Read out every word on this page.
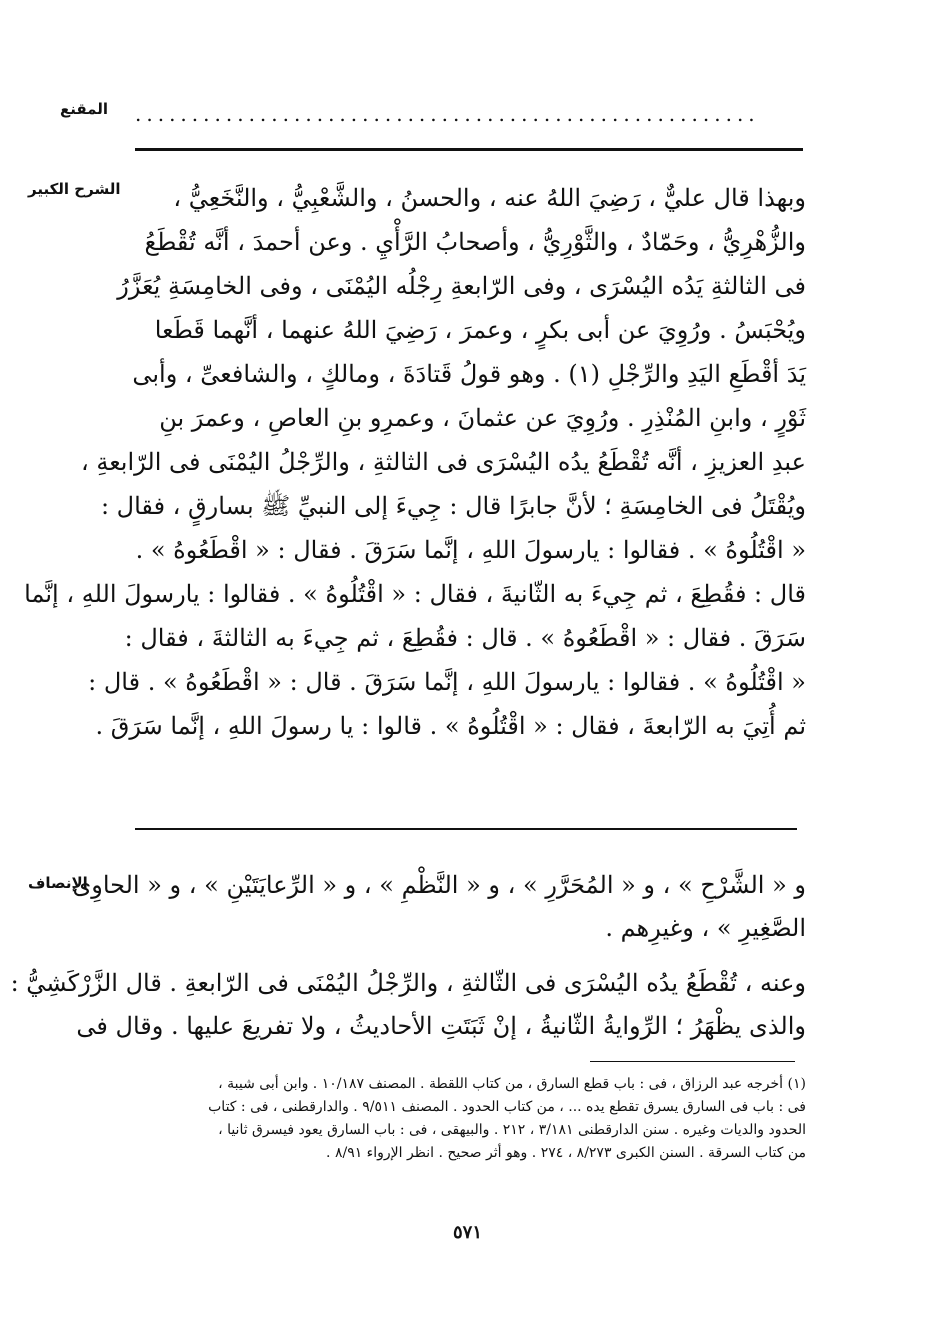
المقنع .......................................................
الشرح الكبير	وبهذا قال عليٌّ ، رَضِيَ اللهُ عنه ، والحسنُ ، والشَّعْبِيُّ ، والنَّخَعِيُّ ،
والزُّهْرِيُّ ، وحَمّادٌ ، والثَّوْرِيُّ ، وأصحابُ الرَّأْيِ . وعن أحمدَ ، أنَّه تُقْطَعُ
فى الثالثةِ يَدُه اليُسْرَى ، وفى الرّابعةِ رِجْلُه اليُمْنَى ، وفى الخامِسَةِ يُعَزَّرُ
ويُحْبَسُ . ورُوِيَ عن أبى بكرٍ ، وعمرَ ، رَضِيَ اللهُ عنهما ، أنَّهما قَطَعا
يَدَ أقْطَعِ اليَدِ والرِّجْلِ (١) . وهو قولُ قَتادَةَ ، ومالكٍ ، والشافعىِّ ، وأبى
ثَوْرٍ ، وابنِ المُنْذِرِ . ورُوِيَ عن عثمانَ ، وعمرِو بنِ العاصِ ، وعمرَ بنِ
عبدِ العزيزِ ، أنَّه تُقْطَعُ يدُه اليُسْرَى فى الثالثةِ ، والرِّجْلُ اليُمْنَى فى الرّابعةِ ،
ويُقْتَلُ فى الخامِسَةِ ؛ لأنَّ جابرًا قال : جِيءَ إلى النبيِّ ﷺ بسارقٍ ، فقال :
« اقْتُلُوهُ » . فقالوا : يارسولَ اللهِ ، إنَّما سَرَقَ . فقال : « اقْطَعُوهُ » .
قال : فقُطِعَ ، ثم جِيءَ به الثّانيةَ ، فقال : « اقْتُلُوهُ » . فقالوا : يارسولَ اللهِ ، إنَّما
سَرَقَ . فقال : « اقْطَعُوهُ » . قال : فقُطِعَ ، ثم جِيءَ به الثالثةَ ، فقال :
« اقْتُلُوهُ » . فقالوا : يارسولَ اللهِ ، إنَّما سَرَقَ . قال : « اقْطَعُوهُ » . قال :
ثم أُتِيَ به الرّابعةَ ، فقال : « اقْتُلُوهُ » . قالوا : يا رسولَ اللهِ ، إنَّما سَرَقَ .
الإنصاف
و « الشَّرْحِ » ، و « المُحَرَّرِ » ، و « النَّظْمِ » ، و « الرِّعايَتَيْنِ » ، و « الحاوِى
الصَّغِيرِ » ، وغيرِهم .
وعنه ، تُقْطَعُ يدُه اليُسْرَى فى الثّالثةِ ، والرِّجْلُ اليُمْنَى فى الرّابعةِ . قال الزَّرْكَشِيُّ :
والذى يظْهَرُ ؛ الرِّوايةُ الثّانيةُ ، إنْ ثَبَتَتِ الأحاديثُ ، ولا تفريعَ عليها . وقال فى
(١) أخرجه عبد الرزاق ، فى : باب قطع السارق ، من كتاب اللقطة . المصنف ١٠/١٨٧ . وابن أبى شيبة ،
فى : باب فى السارق يسرق تقطع يده ... ، من كتاب الحدود . المصنف ٩/٥١١ . والدارقطنى ، فى : كتاب
الحدود والديات وغيره . سنن الدارقطنى ٣/١٨١ ، ٢١٢ . والبيهقى ، فى : باب السارق يعود فيسرق ثانيا ،
من كتاب السرقة . السنن الكبرى ٨/٢٧٣ ، ٢٧٤ . وهو أثر صحيح . انظر الإرواء ٨/٩١ .
٥٧١
